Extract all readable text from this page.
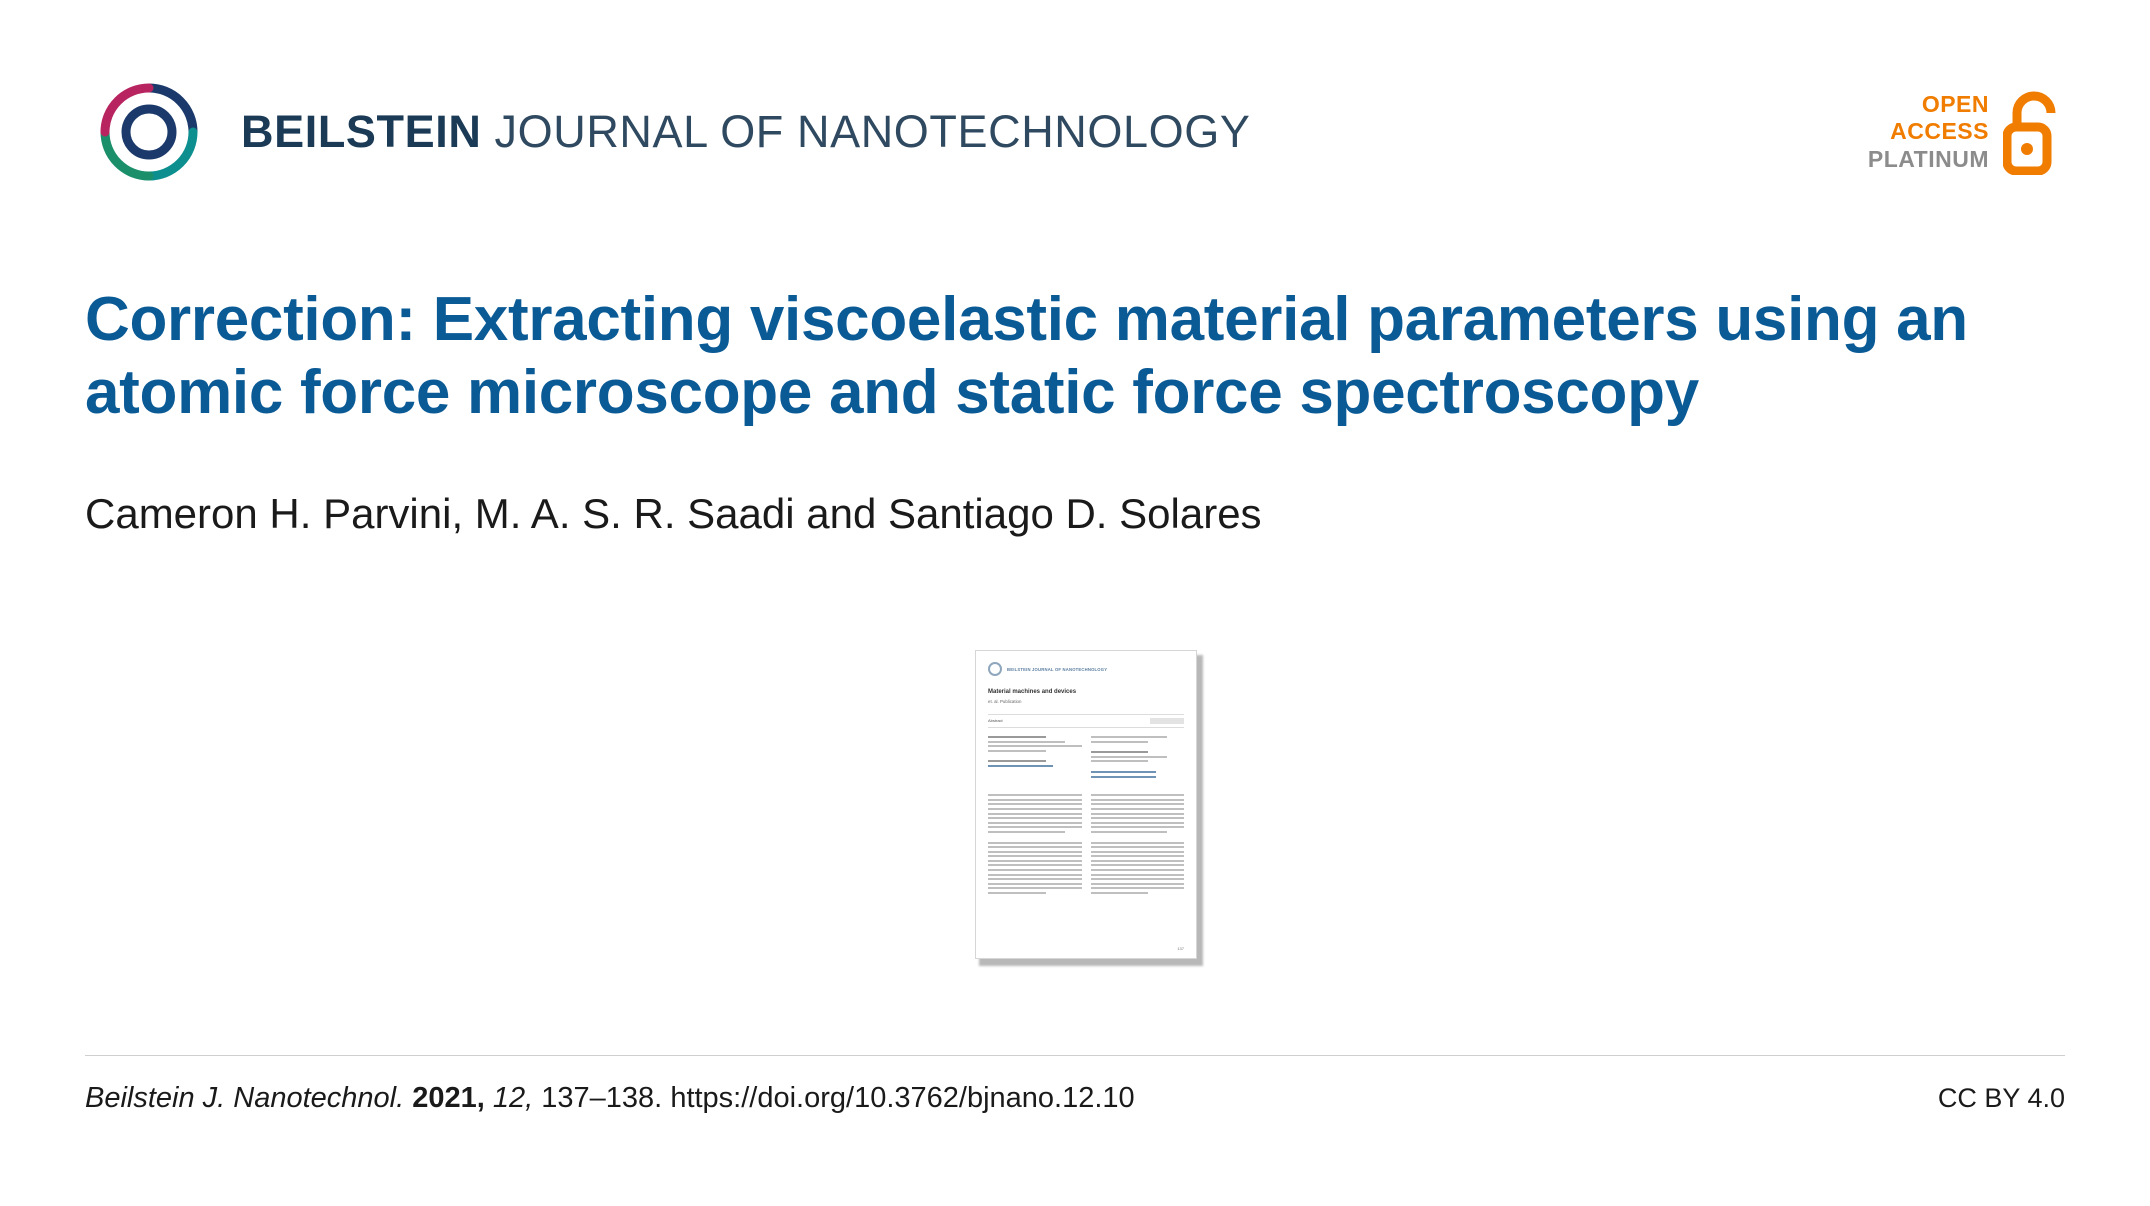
BEILSTEIN JOURNAL OF NANOTECHNOLOGY
OPEN
ACCESS
PLATINUM
Correction: Extracting viscoelastic material parameters using an atomic force microscope and static force spectroscopy
Cameron H. Parvini, M. A. S. R. Saadi and Santiago D. Solares
BEILSTEIN JOURNAL OF NANOTECHNOLOGY
Material machines and devices
et. al. Publication
Abstract
137
Beilstein J. Nanotechnol. 2021, 12, 137–138. https://doi.org/10.3762/bjnano.12.10	CC BY 4.0
